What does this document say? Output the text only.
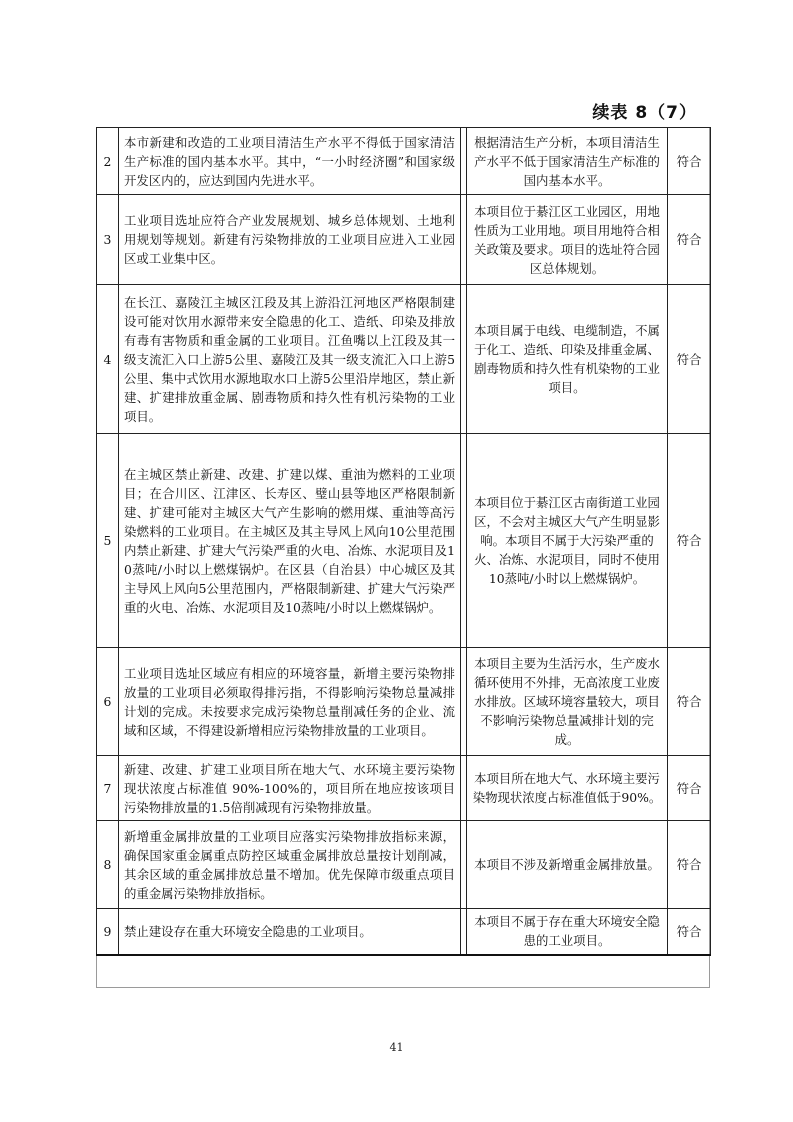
续表 8（7）
2	本市新建和改造的工业项目清洁生产水平不得低于国家清洁生产标准的国内基本水平。其中，“一小时经济圈”和国家级开发区内的，应达到国内先进水平。		根据清洁生产分析，本项目清洁生产水平不低于国家清洁生产标准的国内基本水平。	符合
3	工业项目选址应符合产业发展规划、城乡总体规划、土地利用规划等规划。新建有污染物排放的工业项目应进入工业园区或工业集中区。		本项目位于綦江区工业园区，用地性质为工业用地。项目用地符合相关政策及要求。项目的选址符合园区总体规划。	符合
4	在长江、嘉陵江主城区江段及其上游沿江河地区严格限制建设可能对饮用水源带来安全隐患的化工、造纸、印染及排放有毒有害物质和重金属的工业项目。江鱼嘴以上江段及其一级支流汇入口上游5公里、嘉陵江及其一级支流汇入口上游5公里、集中式饮用水源地取水口上游5公里沿岸地区，禁止新建、扩建排放重金属、剧毒物质和持久性有机污染物的工业项目。		本项目属于电线、电缆制造，不属于化工、造纸、印染及排重金属、剧毒物质和持久性有机染物的工业项目。	符合
5	在主城区禁止新建、改建、扩建以煤、重油为燃料的工业项目；在合川区、江津区、长寿区、璧山县等地区严格限制新建、扩建可能对主城区大气产生影响的燃用煤、重油等高污染燃料的工业项目。在主城区及其主导风上风向10公里范围内禁止新建、扩建大气污染严重的火电、冶炼、水泥项目及10蒸吨/小时以上燃煤锅炉。在区县（自治县）中心城区及其主导风上风向5公里范围内，严格限制新建、扩建大气污染严重的火电、冶炼、水泥项目及10蒸吨/小时以上燃煤锅炉。		本项目位于綦江区古南街道工业园区，不会对主城区大气产生明显影响。本项目不属于大污染严重的火、冶炼、水泥项目，同时不使用10蒸吨/小时以上燃煤锅炉。	符合
6	工业项目选址区域应有相应的环境容量，新增主要污染物排放量的工业项目必须取得排污指，不得影响污染物总量减排计划的完成。未按要求完成污染物总量削减任务的企业、流域和区域，不得建设新增相应污染物排放量的工业项目。		本项目主要为生活污水，生产废水循环使用不外排，无高浓度工业废水排放。区域环境容量较大，项目不影响污染物总量减排计划的完成。	符合
7	新建、改建、扩建工业项目所在地大气、水环境主要污染物现状浓度占标准值 90%-100%的，项目所在地应按该项目污染物排放量的1.5倍削减现有污染物排放量。		本项目所在地大气、水环境主要污染物现状浓度占标准值低于90%。	符合
8	新增重金属排放量的工业项目应落实污染物排放指标来源，确保国家重金属重点防控区域重金属排放总量按计划削减，其余区域的重金属排放总量不增加。优先保障市级重点项目的重金属污染物排放指标。		本项目不涉及新增重金属排放量。	符合
9	禁止建设存在重大环境安全隐患的工业项目。		本项目不属于存在重大环境安全隐患的工业项目。	符合
41
